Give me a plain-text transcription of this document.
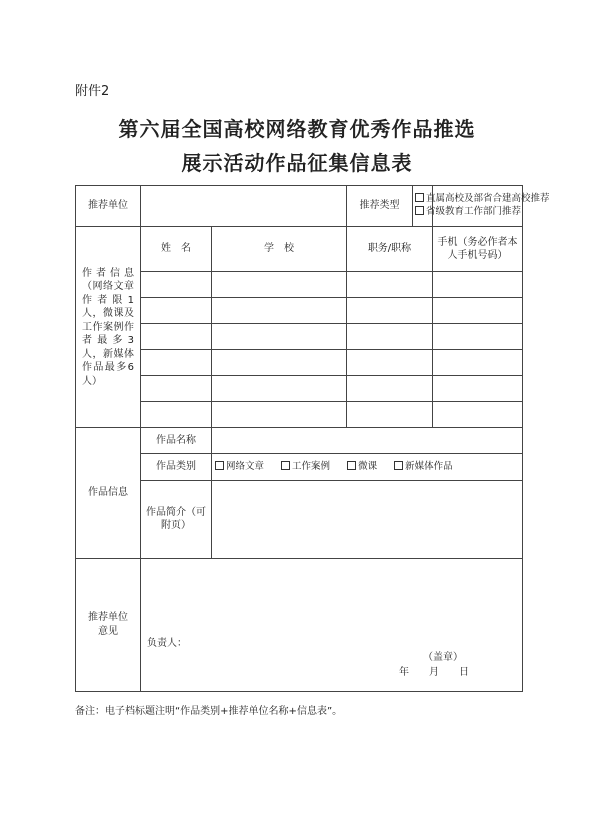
附件2
第六届全国高校网络教育优秀作品推选
展示活动作品征集信息表
推荐单位			推荐类型	直属高校及部省合建高校推荐
省级教育工作部门推荐

作者信息（网络文章作者限1人，微课及工作案例作者最多3人，新媒体作品最多6人）	姓　名	学　校	职务/职称	手机（务必作者本人手机号码）

作品信息	作品名称			
	作品类别	网络文章 工作案例 微课 新媒体作品		
	作品简介（可附页）			
推荐单位意见	负责人：
（盖章）
年　　月　　日			
备注：电子档标题注明“作品类别+推荐单位名称+信息表”。
